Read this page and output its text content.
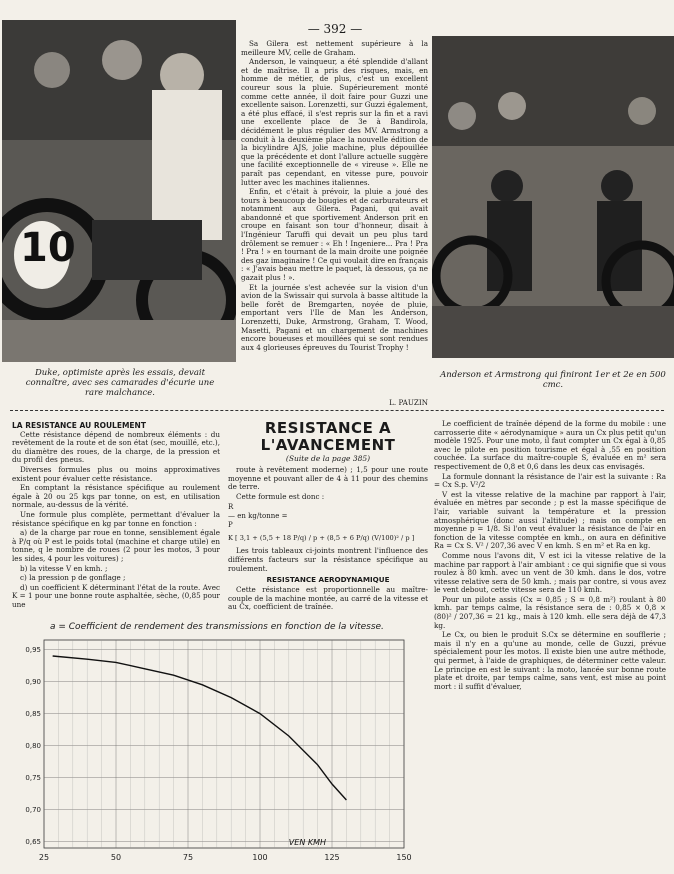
10
Duke, optimiste après les essais, devait connaître, avec ses camarades d'écurie une rare malchance.
Anderson et Armstrong qui finiront 1er et 2e en 500 cmc.
— 392 —

Sa Gilera est nettement supérieure à la meilleure MV, celle de Graham.

Anderson, le vainqueur, a été splendide d'allant et de maîtrise. Il a pris des risques, mais, en homme de métier, de plus, c'est un excellent coureur sous la pluie. Supérieurement monté comme cette année, il doit faire pour Guzzi une excellente saison. Lorenzetti, sur Guzzi également, a été plus effacé, il s'est repris sur la fin et a ravi une excellente place de 3e à Bandirola, décidément le plus régulier des MV. Armstrong a conduit à la deuxième place la nouvelle édition de la bicylindre AJS, jolie machine, plus dépouillée que la précédente et dont l'allure actuelle suggère une facilité exceptionnelle de « vireuse ». Elle ne paraît pas cependant, en vitesse pure, pouvoir lutter avec les machines italiennes.

Enfin, et c'était à prévoir, la pluie a joué des tours à beaucoup de bougies et de carburateurs et notamment aux Gilera. Pagani, qui avait abandonné et que sportivement Anderson prit en croupe en faisant son tour d'honneur, disait à l'Ingénieur Taruffi qui devait un peu plus tard drôlement se remuer : « Eh ! Ingeniere... Pra ! Pra ! Pra ! » en tournant de la main droite une poignée des gaz imaginaire ! Ce qui voulait dire en français : « J'avais beau mettre le paquet, là dessous, ça ne gazait plus ! ».

Et la journée s'est achevée sur la vision d'un avion de la Swissair qui survola à basse altitude la belle forêt de Bremgarten, noyée de pluie, emportant vers l'Ile de Man les Anderson, Lorenzetti, Duke, Armstrong, Graham, T. Wood, Masetti, Pagani et un chargement de machines encore boueuses et mouillées qui se sont rendues aux 4 glorieuses épreuves du Tourist Trophy !

L. PAUZIN
LA RESISTANCE AU ROULEMENT

Cette résistance dépend de nombreux éléments : du revêtement de la route et de son état (sec, mouillé, etc.), du diamètre des roues, de la charge, de la pression et du profil des pneus.

Diverses formules plus ou moins approximatives existent pour évaluer cette résistance.

En comptant la résistance spécifique au roulement égale à 20 ou 25 kgs par tonne, on est, en utilisation normale, au-dessus de la vérité.

Une formule plus complète, permettant d'évaluer la résistance spécifique en kg par tonne en fonction :

a) de la charge par roue en tonne, sensiblement égale à P/q où P est le poids total (machine et charge utile) en tonne, q le nombre de roues (2 pour les motos, 3 pour les sides, 4 pour les voitures) ;

b) la vitesse V en kmh. ;

c) la pression p de gonflage ;

d) un coefficient K déterminant l'état de la route. Avec K = 1 pour une bonne route asphaltée, sèche, (0,85 pour une

RESISTANCE A
L'AVANCEMENT
(Suite de la page 385)

route à revêtement moderne) ; 1,5 pour une route moyenne et pouvant aller de 4 à 11 pour des chemins de terre.

Cette formule est donc :

R
— en kg/tonne =
P
K [ 3,1 + (5,5 + 18 P/q) / p + (8,5 + 6 P/q) (V/100)² / p ]

Les trois tableaux ci-joints montrent l'influence des différents facteurs sur la résistance spécifique au roulement.

RESISTANCE AERODYNAMIQUE

Cette résistance est proportionnelle au maître-couple de la machine montée, au carré de la vitesse et au Cx, coefficient de traînée.

Le coefficient de traînée dépend de la forme du mobile : une carrosserie dite « aérodynamique » aura un Cx plus petit qu'un modèle 1925. Pour une moto, il faut compter un Cx égal à 0,85 avec le pilote en position tourisme et égal à ,55 en position couchée. La surface du maître-couple S, évaluée en m² sera respectivement de 0,8 et 0,6 dans les deux cas envisagés.

La formule donnant la résistance de l'air est la suivante : Ra = Cx S.p. V²/2

V est la vitesse relative de la machine par rapport à l'air, évaluée en mètres par seconde ; p est la masse spécifique de l'air, variable suivant la température et la pression atmosphérique (donc aussi l'altitude) ; mais on compte en moyenne p = 1/8. Si l'on veut évaluer la résistance de l'air en fonction de la vitesse comptée en kmh., on aura en définitive Ra = Cx S. V² / 207,36 avec V en kmh. S en m² et Ra en kg.

Comme nous l'avons dit, V est ici la vitesse relative de la machine par rapport à l'air ambiant : ce qui signifie que si vous roulez à 80 kmh. avec un vent de 30 kmh. dans le dos, votre vitesse relative sera de 50 kmh. ; mais par contre, si vous avez le vent debout, cette vitesse sera de 110 kmh.

Pour un pilote assis (Cx = 0,85 ; S = 0,8 m²) roulant à 80 kmh. par temps calme, la résistance sera de : 0,85 × 0,8 × (80)² / 207,36 = 21 kg., mais à 120 kmh. elle sera déjà de 47,3 kg.

Le Cx, ou bien le produit S.Cx se détermine en soufflerie ; mais il n'y en a qu'une au monde, celle de Guzzi, prévue spécialement pour les motos. Il existe bien une autre méthode, qui permet, à l'aide de graphiques, de déterminer cette valeur. Le principe en est le suivant : la moto, lancée sur bonne route plate et droite, par temps calme, sans vent, est mise au point mort : il suffit d'évaluer,

a = Coefficient de rendement des transmissions en fonction de la vitesse.
0,95
0,90
0,85
0,80
0,75
0,70
0,65
25	50	75	100	125	150
VEN KMH
